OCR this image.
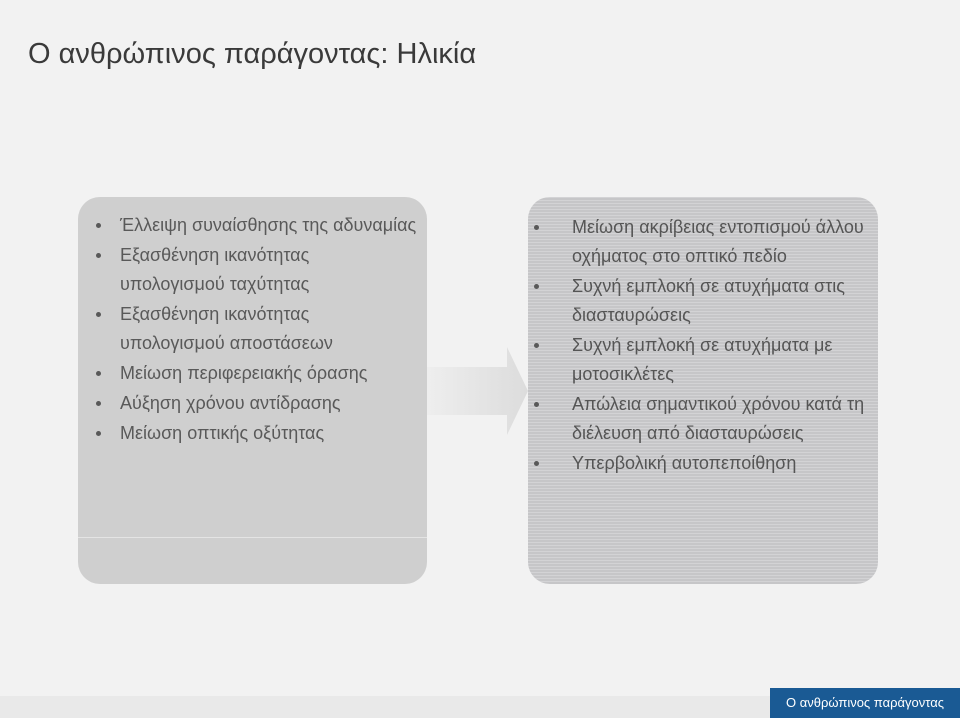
Ο ανθρώπινος παράγοντας: Ηλικία
Έλλειψη συναίσθησης της αδυναμίας
Εξασθένηση ικανότητας υπολογισμού ταχύτητας
Εξασθένηση ικανότητας υπολογισμού αποστάσεων
Μείωση περιφερειακής όρασης
Αύξηση χρόνου αντίδρασης
Μείωση οπτικής οξύτητας
Μείωση ακρίβειας εντοπισμού άλλου οχήματος στο οπτικό πεδίο
Συχνή εμπλοκή σε ατυχήματα στις διασταυρώσεις
Συχνή εμπλοκή σε ατυχήματα με μοτοσικλέτες
Απώλεια σημαντικού χρόνου κατά τη διέλευση από διασταυρώσεις
Υπερβολική αυτοπεποίθηση
Ο ανθρώπινος παράγοντας
